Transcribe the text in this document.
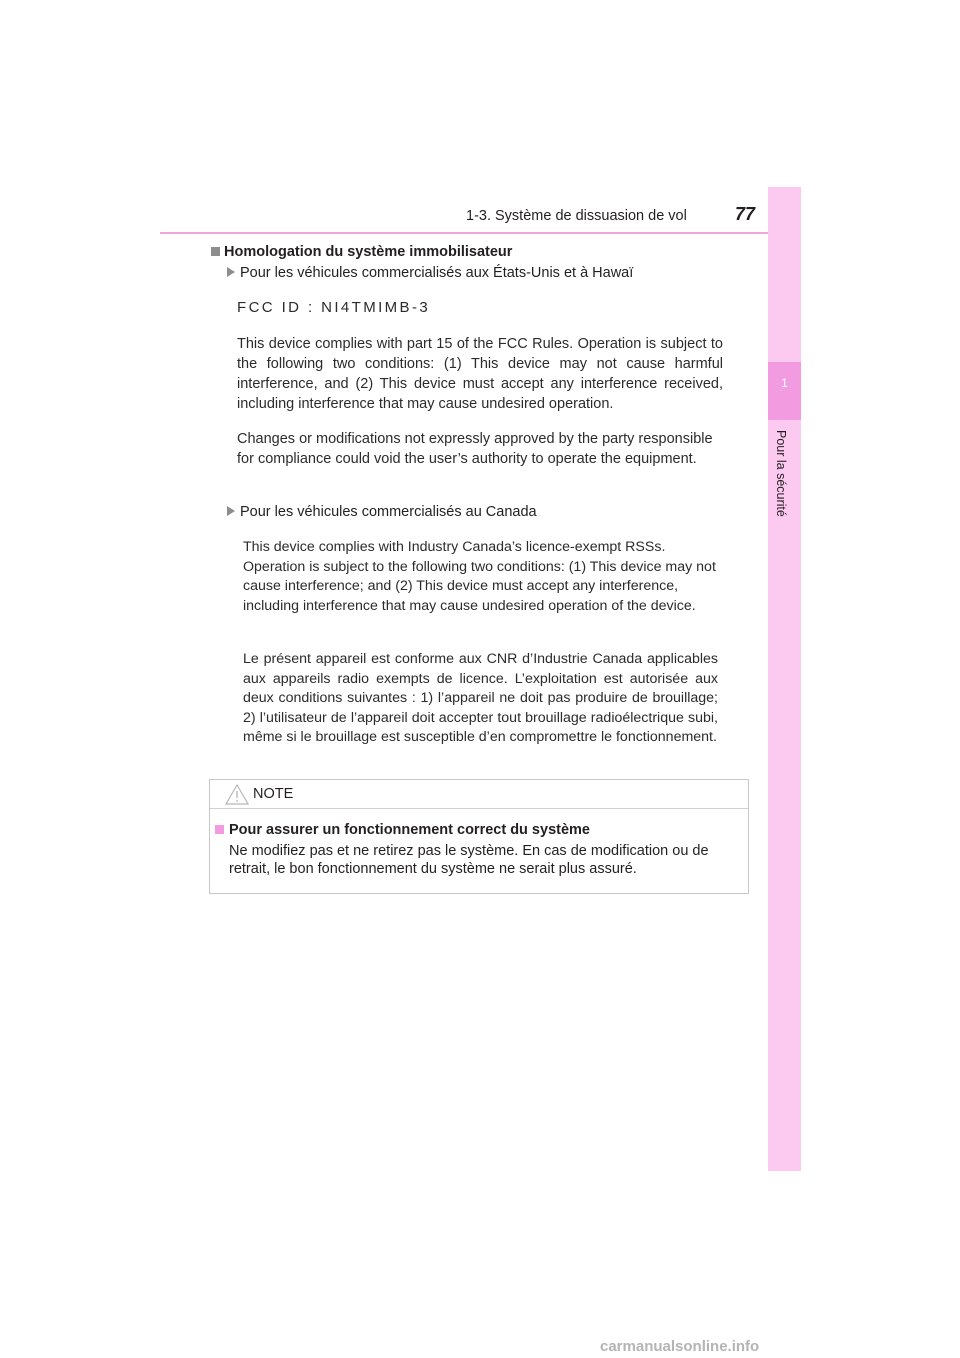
1-3. Système de dissuasion de vol	77
1
Pour la sécurité
Homologation du système immobilisateur
Pour les véhicules commercialisés aux États-Unis et à Hawaï
FCC ID : NI4TMIMB-3
This device complies with part 15 of the FCC Rules. Operation is subject to the following two conditions: (1) This device may not cause harmful interference, and (2) This device must accept any interference received, including interference that may cause undesired operation.
Changes or modifications not expressly approved by the party responsible for compliance could void the user’s authority to operate the equipment.
Pour les véhicules commercialisés au Canada
This device complies with Industry Canada’s licence-exempt RSSs. Operation is subject to the following two conditions: (1) This device may not cause interference; and (2) This device must accept any interference, including interference that may cause undesired operation of the device.
Le présent appareil est conforme aux CNR d’Industrie Canada applicables aux appareils radio exempts de licence. L’exploitation est autorisée aux deux conditions suivantes : 1) l’appareil ne doit pas produire de brouillage; 2) l’utilisateur de l’appareil doit accepter tout brouillage radioélectrique subi, même si le brouillage est susceptible d’en compromettre le fonctionnement.
NOTE
Pour assurer un fonctionnement correct du système
Ne modifiez pas et ne retirez pas le système. En cas de modification ou de retrait, le bon fonctionnement du système ne serait plus assuré.
carmanualsonline.info
